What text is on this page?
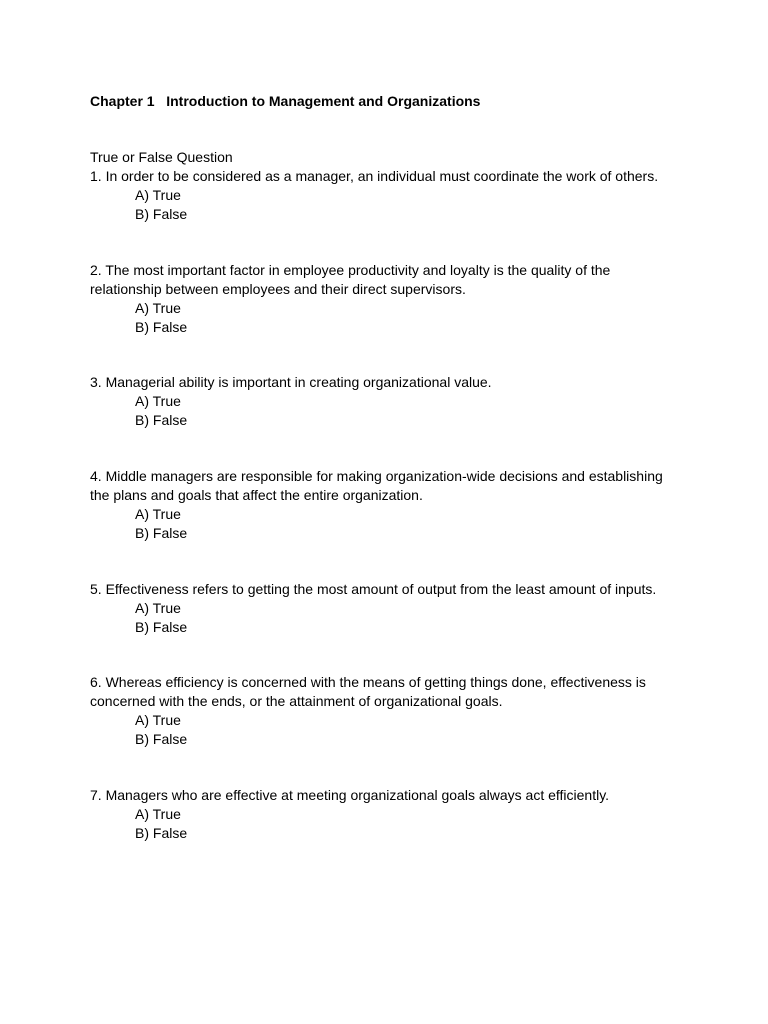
Chapter 1   Introduction to Management and Organizations
True or False Question

1. In order to be considered as a manager, an individual must coordinate the work of others.

A) True

B) False

2. The most important factor in employee productivity and loyalty is the quality of the

relationship between employees and their direct supervisors.

A) True

B) False

3. Managerial ability is important in creating organizational value.

A) True

B) False

4. Middle managers are responsible for making organization-wide decisions and establishing

the plans and goals that affect the entire organization.

A) True

B) False

5. Effectiveness refers to getting the most amount of output from the least amount of inputs.

A) True

B) False

6. Whereas efficiency is concerned with the means of getting things done, effectiveness is

concerned with the ends, or the attainment of organizational goals.

A) True

B) False

7. Managers who are effective at meeting organizational goals always act efficiently.

A) True

B) False
